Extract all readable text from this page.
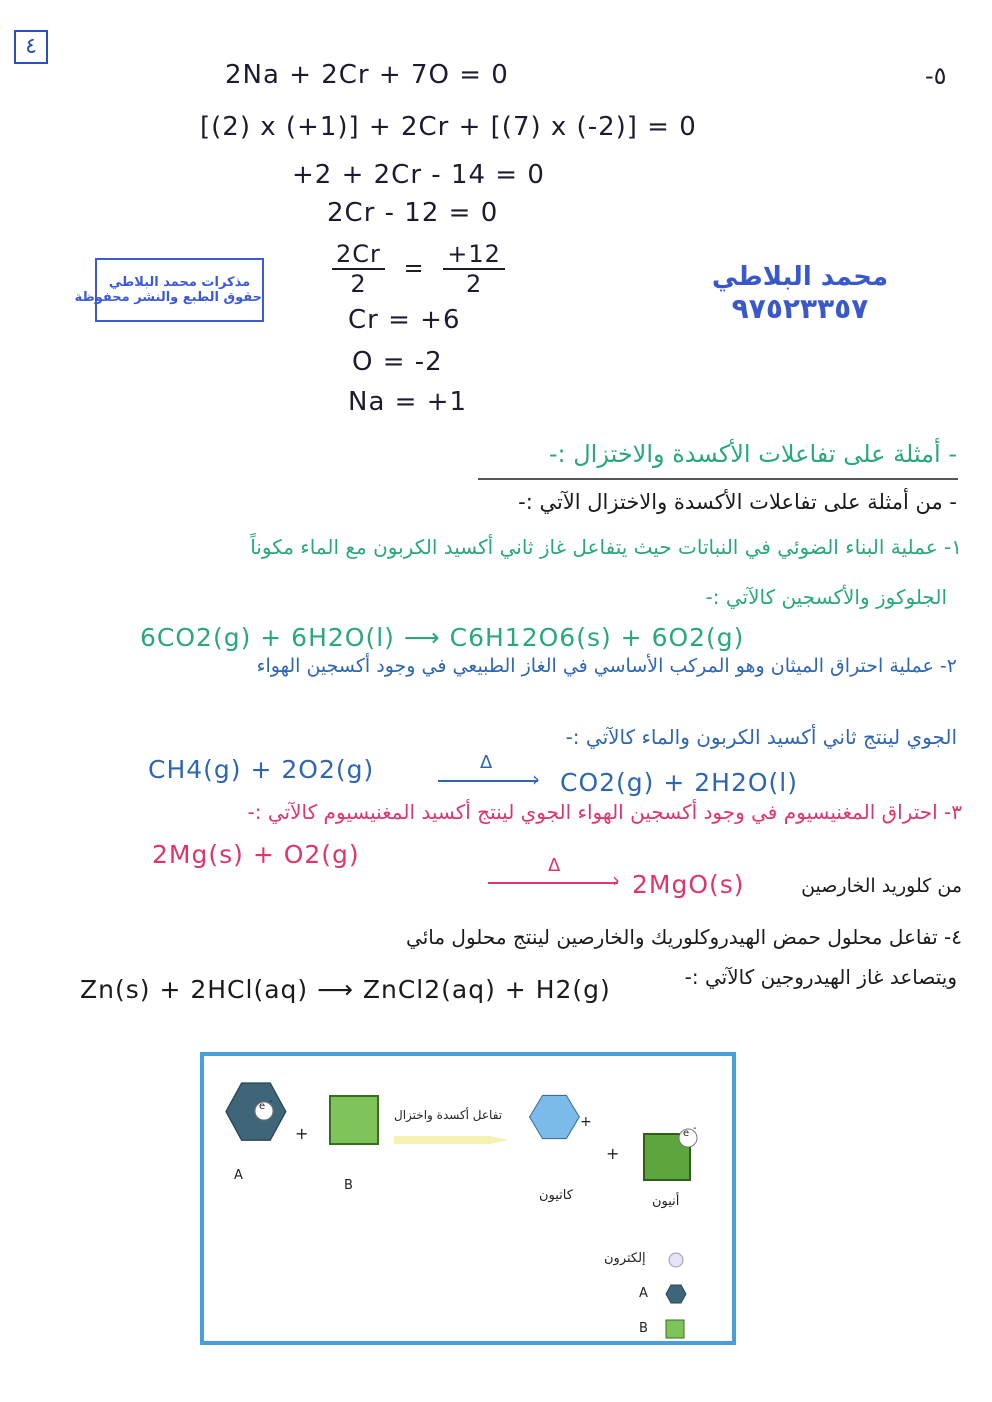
٤
-٥
2Na + 2Cr + 7O = 0
[(2) x (+1)] + 2Cr + [(7) x (-2)] = 0
+2 + 2Cr - 14 = 0
2Cr - 12 = 0
$\frac{2Cr}{2} = \frac{+12}{2}$
Cr = +6
O = -2
Na = +1
مذكرات محمد البلاطي
حقوق الطبع والنشر محفوظة
محمد البلاطي
٩٧٥٢٣٣٥٧
- أمثلة على تفاعلات الأكسدة والاختزال :-
- من أمثلة على تفاعلات الأكسدة والاختزال الآتي :-
١- عملية البناء الضوئي في النباتات حيث يتفاعل غاز ثاني أكسيد الكربون مع الماء مكوناً
الجلوكوز والأكسجين كالآتي :-
6CO2(g) + 6H2O(l) ⟶ C6H12O6(s) + 6O2(g)
٢- عملية احتراق الميثان وهو المركب الأساسي في الغاز الطبيعي في وجود أكسجين الهواء
الجوي لينتج ثاني أكسيد الكربون والماء كالآتي :-
CH4(g) + 2O2(g)	Δ
› CO2(g) + 2H2O(l)
٣- احتراق المغنيسيوم في وجود أكسجين الهواء الجوي لينتج أكسيد المغنيسيوم كالآتي :-
2Mg(s) + O2(g)	Δ
› 2MgO(s)	من كلوريد الخارصين
٤- تفاعل محلول حمض الهيدروكلوريك والخارصين لينتج محلول مائي
ويتصاعد غاز الهيدروجين كالآتي :-
Zn(s) + 2HCl(aq) ⟶ ZnCl2(aq) + H2(g)
e -
A
+
B
تفاعل أكسدة واختزال	+
+
e -
كاتيون	أنيون
إلكترون
A
B
